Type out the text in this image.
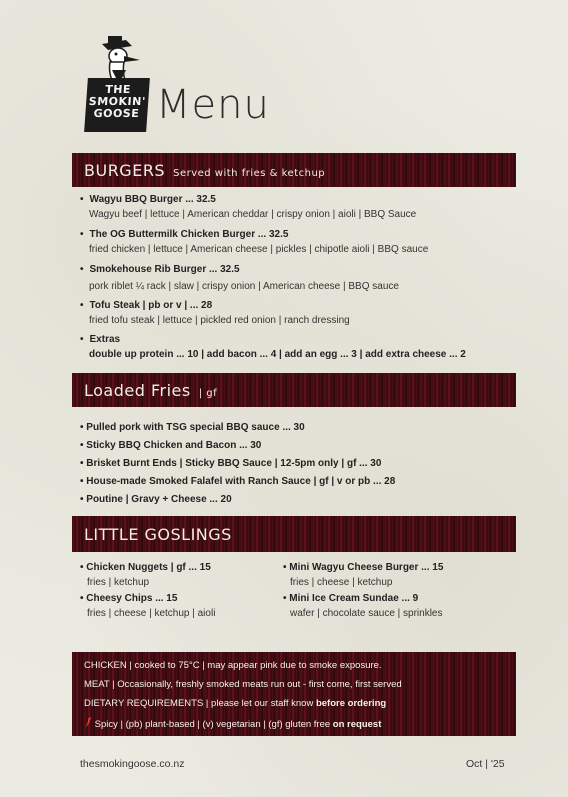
THE
SMOKIN'
GOOSE Menu
BURGERS Served with fries & ketchup
• Wagyu BBQ Burger ... 32.5
Wagyu beef | lettuce | American cheddar | crispy onion | aioli | BBQ Sauce
• The OG Buttermilk Chicken Burger ... 32.5
fried chicken | lettuce | American cheese | pickles | chipotle aioli | BBQ sauce
• Smokehouse Rib Burger ... 32.5
pork riblet ¼ rack | slaw | crispy onion | American cheese | BBQ sauce
• Tofu Steak | pb or v | ... 28
fried tofu steak | lettuce | pickled red onion | ranch dressing
• Extras
double up protein ... 10 | add bacon ... 4 | add an egg ... 3 | add extra cheese ... 2
Loaded Fries | gf
• Pulled pork with TSG special BBQ sauce ... 30
• Sticky BBQ Chicken and Bacon ... 30
• Brisket Burnt Ends | Sticky BBQ Sauce | 12-5pm only | gf ... 30
• House-made Smoked Falafel with Ranch Sauce | gf | v or pb ... 28
• Poutine | Gravy + Cheese ... 20
LITTLE GOSLINGS
• Chicken Nuggets | gf ... 15
fries | ketchup
• Cheesy Chips ... 15
fries | cheese | ketchup | aioli
• Mini Wagyu Cheese Burger ... 15
fries | cheese | ketchup
• Mini Ice Cream Sundae ... 9
wafer | chocolate sauce | sprinkles
CHICKEN | cooked to 75°C | may appear pink due to smoke exposure.
MEAT | Occasionally, freshly smoked meats run out - first come, first served
DIETARY REQUIREMENTS | please let our staff know before ordering
Spicy | (pb) plant-based | (v) vegetarian | (gf) gluten free on request
thesmokingoose.co.nz	Oct | '25
